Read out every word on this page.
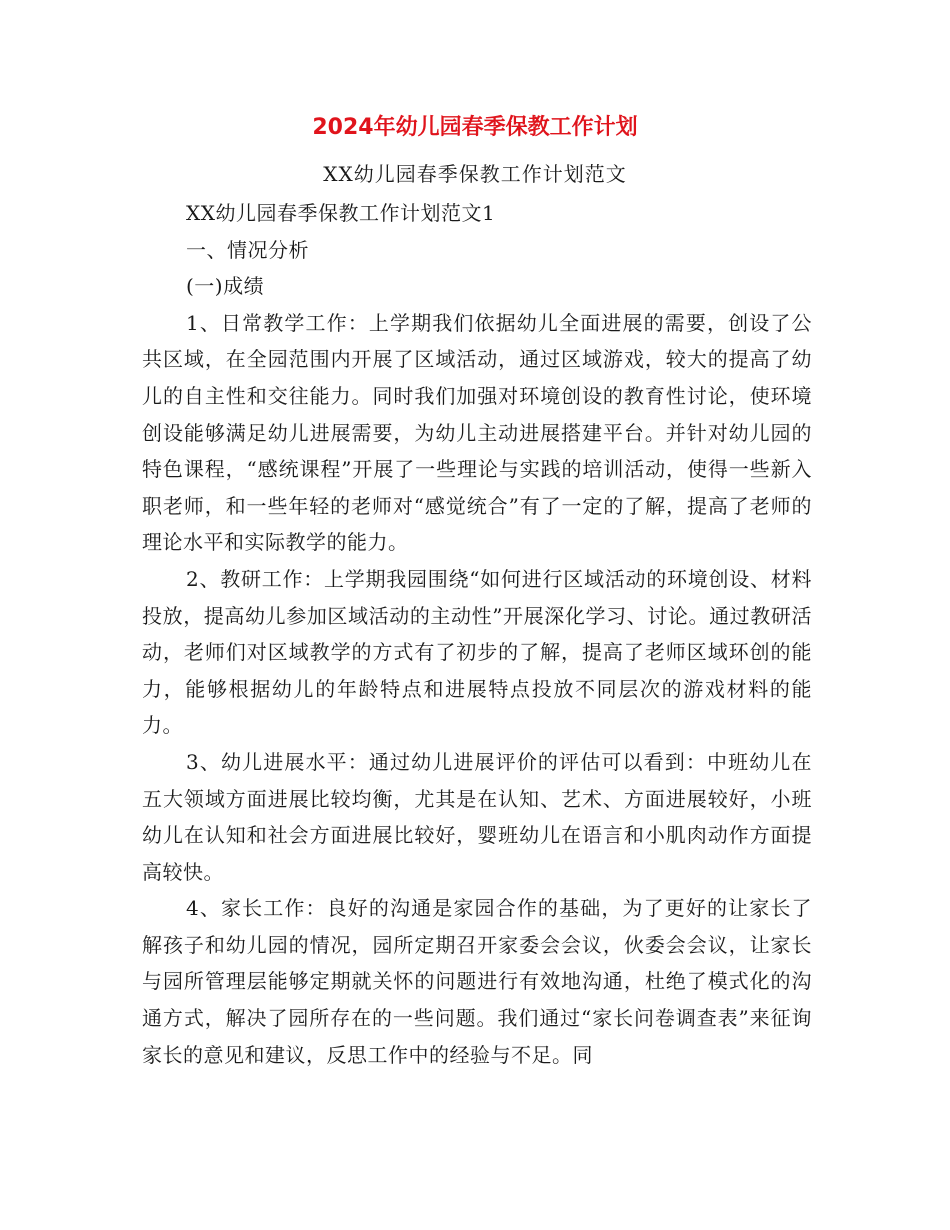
2024年幼儿园春季保教工作计划
XX幼儿园春季保教工作计划范文

XX幼儿园春季保教工作计划范文1

一、情况分析

(一)成绩

1、日常教学工作：上学期我们依据幼儿全面进展的需要，创设了公共区域，在全园范围内开展了区域活动，通过区域游戏，较大的提高了幼儿的自主性和交往能力。同时我们加强对环境创设的教育性讨论，使环境创设能够满足幼儿进展需要，为幼儿主动进展搭建平台。并针对幼儿园的特色课程，“感统课程”开展了一些理论与实践的培训活动，使得一些新入职老师，和一些年轻的老师对“感觉统合”有了一定的了解，提高了老师的理论水平和实际教学的能力。

2、教研工作：上学期我园围绕“如何进行区域活动的环境创设、材料投放，提高幼儿参加区域活动的主动性”开展深化学习、讨论。通过教研活动，老师们对区域教学的方式有了初步的了解，提高了老师区域环创的能力，能够根据幼儿的年龄特点和进展特点投放不同层次的游戏材料的能力。

3、幼儿进展水平：通过幼儿进展评价的评估可以看到：中班幼儿在五大领域方面进展比较均衡，尤其是在认知、艺术、方面进展较好，小班幼儿在认知和社会方面进展比较好，婴班幼儿在语言和小肌肉动作方面提高较快。

4、家长工作：良好的沟通是家园合作的基础，为了更好的让家长了解孩子和幼儿园的情况，园所定期召开家委会会议，伙委会会议，让家长与园所管理层能够定期就关怀的问题进行有效地沟通，杜绝了模式化的沟通方式，解决了园所存在的一些问题。我们通过“家长问卷调查表”来征询家长的意见和建议，反思工作中的经验与不足。同
